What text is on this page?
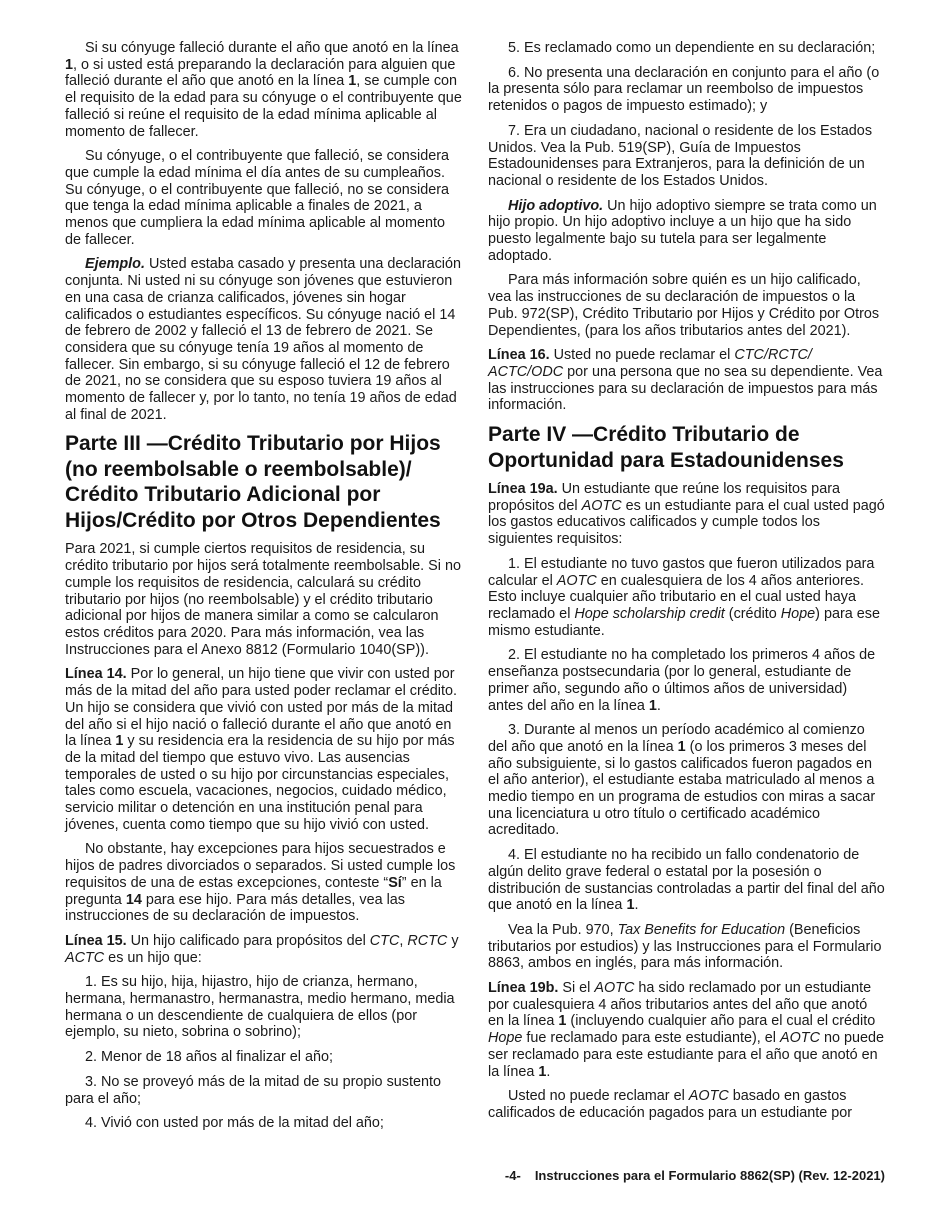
Si su cónyuge falleció durante el año que anotó en la línea 1, o si usted está preparando la declaración para alguien que falleció durante el año que anotó en la línea 1, se cumple con el requisito de la edad para su cónyuge o el contribuyente que falleció si reúne el requisito de la edad mínima aplicable al momento de fallecer.

Su cónyuge, o el contribuyente que falleció, se considera que cumple la edad mínima el día antes de su cumpleaños. Su cónyuge, o el contribuyente que falleció, no se considera que tenga la edad mínima aplicable a finales de 2021, a menos que cumpliera la edad mínima aplicable al momento de fallecer.

Ejemplo. Usted estaba casado y presenta una declaración conjunta. Ni usted ni su cónyuge son jóvenes que estuvieron en una casa de crianza calificados, jóvenes sin hogar calificados o estudiantes específicos. Su cónyuge nació el 14 de febrero de 2002 y falleció el 13 de febrero de 2021. Se considera que su cónyuge tenía 19 años al momento de fallecer. Sin embargo, si su cónyuge falleció el 12 de febrero de 2021, no se considera que su esposo tuviera 19 años al momento de fallecer y, por lo tanto, no tenía 19 años de edad al final de 2021.

Parte III —Crédito Tributario por Hijos (no reembolsable o reembolsable)/ Crédito Tributario Adicional por Hijos/Crédito por Otros Dependientes

Para 2021, si cumple ciertos requisitos de residencia, su crédito tributario por hijos será totalmente reembolsable. Si no cumple los requisitos de residencia, calculará su crédito tributario por hijos (no reembolsable) y el crédito tributario adicional por hijos de manera similar a como se calcularon estos créditos para 2020. Para más información, vea las Instrucciones para el Anexo 8812 (Formulario 1040(SP)).

Línea 14. Por lo general, un hijo tiene que vivir con usted por más de la mitad del año para usted poder reclamar el crédito. Un hijo se considera que vivió con usted por más de la mitad del año si el hijo nació o falleció durante el año que anotó en la línea 1 y su residencia era la residencia de su hijo por más de la mitad del tiempo que estuvo vivo. Las ausencias temporales de usted o su hijo por circunstancias especiales, tales como escuela, vacaciones, negocios, cuidado médico, servicio militar o detención en una institución penal para jóvenes, cuenta como tiempo que su hijo vivió con usted.

No obstante, hay excepciones para hijos secuestrados e hijos de padres divorciados o separados. Si usted cumple los requisitos de una de estas excepciones, conteste “Sí” en la pregunta 14 para ese hijo. Para más detalles, vea las instrucciones de su declaración de impuestos.

Línea 15. Un hijo calificado para propósitos del CTC, RCTC y ACTC es un hijo que:

1. Es su hijo, hija, hijastro, hijo de crianza, hermano, hermana, hermanastro, hermanastra, medio hermano, media hermana o un descendiente de cualquiera de ellos (por ejemplo, su nieto, sobrina o sobrino);

2. Menor de 18 años al finalizar el año;

3. No se proveyó más de la mitad de su propio sustento para el año;

4. Vivió con usted por más de la mitad del año;

5. Es reclamado como un dependiente en su declaración;

6. No presenta una declaración en conjunto para el año (o la presenta sólo para reclamar un reembolso de impuestos retenidos o pagos de impuesto estimado); y

7. Era un ciudadano, nacional o residente de los Estados Unidos. Vea la Pub. 519(SP), Guía de Impuestos Estadounidenses para Extranjeros, para la definición de un nacional o residente de los Estados Unidos.

Hijo adoptivo. Un hijo adoptivo siempre se trata como un hijo propio. Un hijo adoptivo incluye a un hijo que ha sido puesto legalmente bajo su tutela para ser legalmente adoptado.

Para más información sobre quién es un hijo calificado, vea las instrucciones de su declaración de impuestos o la Pub. 972(SP), Crédito Tributario por Hijos y Crédito por Otros Dependientes, (para los años tributarios antes del 2021).

Línea 16. Usted no puede reclamar el CTC/RCTC/ ACTC/ODC por una persona que no sea su dependiente. Vea las instrucciones para su declaración de impuestos para más información.

Parte IV —Crédito Tributario de Oportunidad para Estadounidenses

Línea 19a. Un estudiante que reúne los requisitos para propósitos del AOTC es un estudiante para el cual usted pagó los gastos educativos calificados y cumple todos los siguientes requisitos:

1. El estudiante no tuvo gastos que fueron utilizados para calcular el AOTC en cualesquiera de los 4 años anteriores. Esto incluye cualquier año tributario en el cual usted haya reclamado el Hope scholarship credit (crédito Hope) para ese mismo estudiante.

2. El estudiante no ha completado los primeros 4 años de enseñanza postsecundaria (por lo general, estudiante de primer año, segundo año o últimos años de universidad) antes del año en la línea 1.

3. Durante al menos un período académico al comienzo del año que anotó en la línea 1 (o los primeros 3 meses del año subsiguiente, si lo gastos calificados fueron pagados en el año anterior), el estudiante estaba matriculado al menos a medio tiempo en un programa de estudios con miras a sacar una licenciatura u otro título o certificado académico acreditado.

4. El estudiante no ha recibido un fallo condenatorio de algún delito grave federal o estatal por la posesión o distribución de sustancias controladas a partir del final del año que anotó en la línea 1.

Vea la Pub. 970, Tax Benefits for Education (Beneficios tributarios por estudios) y las Instrucciones para el Formulario 8863, ambos en inglés, para más información.

Línea 19b. Si el AOTC ha sido reclamado por un estudiante por cualesquiera 4 años tributarios antes del año que anotó en la línea 1 (incluyendo cualquier año para el cual el crédito Hope fue reclamado para este estudiante), el AOTC no puede ser reclamado para este estudiante para el año que anotó en la línea 1.

Usted no puede reclamar el AOTC basado en gastos calificados de educación pagados para un estudiante por

-4- Instrucciones para el Formulario 8862(SP) (Rev. 12-2021)
